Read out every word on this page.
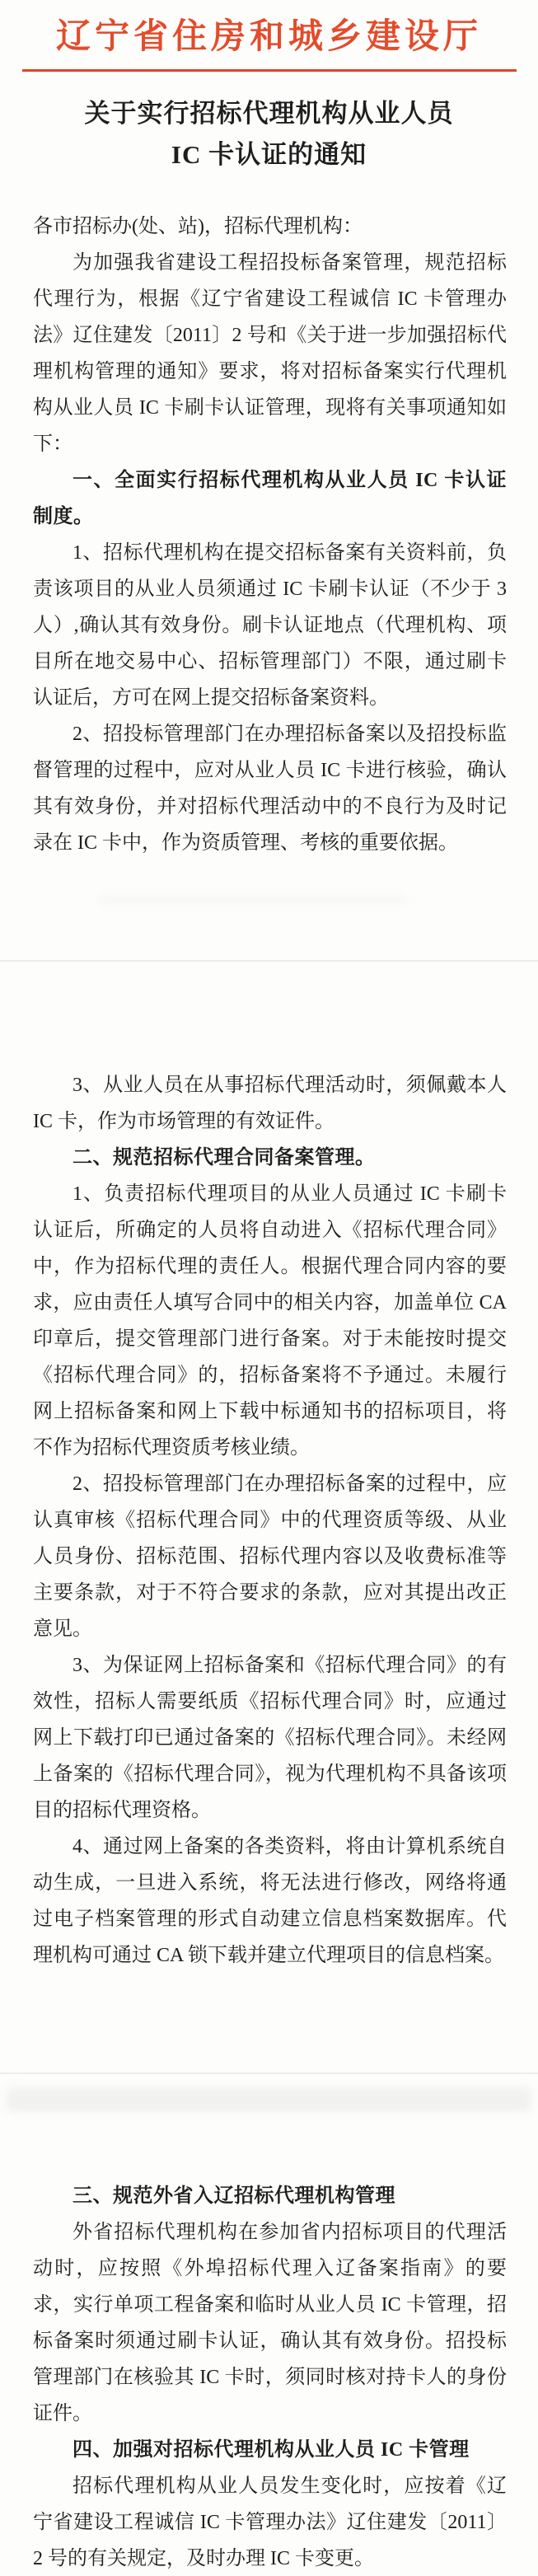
辽宁省住房和城乡建设厅
关于实行招标代理机构从业人员
IC 卡认证的通知

各市招标办(处、站)，招标代理机构：

为加强我省建设工程招投标备案管理，规范招标代理行为，根据《辽宁省建设工程诚信 IC 卡管理办法》辽住建发〔2011〕2 号和《关于进一步加强招标代理机构管理的通知》要求，将对招标备案实行代理机构从业人员 IC 卡刷卡认证管理，现将有关事项通知如下：

一、全面实行招标代理机构从业人员 IC 卡认证制度。

1、招标代理机构在提交招标备案有关资料前，负责该项目的从业人员须通过 IC 卡刷卡认证（不少于 3 人）,确认其有效身份。刷卡认证地点（代理机构、项目所在地交易中心、招标管理部门）不限，通过刷卡认证后，方可在网上提交招标备案资料。

2、招投标管理部门在办理招标备案以及招投标监督管理的过程中，应对从业人员 IC 卡进行核验，确认其有效身份，并对招标代理活动中的不良行为及时记录在 IC 卡中，作为资质管理、考核的重要依据。

3、从业人员在从事招标代理活动时，须佩戴本人 IC 卡，作为市场管理的有效证件。

二、规范招标代理合同备案管理。

1、负责招标代理项目的从业人员通过 IC 卡刷卡认证后，所确定的人员将自动进入《招标代理合同》中，作为招标代理的责任人。根据代理合同内容的要求，应由责任人填写合同中的相关内容，加盖单位 CA 印章后，提交管理部门进行备案。对于未能按时提交《招标代理合同》的，招标备案将不予通过。未履行网上招标备案和网上下载中标通知书的招标项目，将不作为招标代理资质考核业绩。

2、招投标管理部门在办理招标备案的过程中，应认真审核《招标代理合同》中的代理资质等级、从业人员身份、招标范围、招标代理内容以及收费标准等主要条款，对于不符合要求的条款，应对其提出改正意见。

3、为保证网上招标备案和《招标代理合同》的有效性，招标人需要纸质《招标代理合同》时，应通过网上下载打印已通过备案的《招标代理合同》。未经网上备案的《招标代理合同》，视为代理机构不具备该项目的招标代理资格。

4、通过网上备案的各类资料，将由计算机系统自动生成，一旦进入系统，将无法进行修改，网络将通过电子档案管理的形式自动建立信息档案数据库。代理机构可通过 CA 锁下载并建立代理项目的信息档案。

三、规范外省入辽招标代理机构管理

外省招标代理机构在参加省内招标项目的代理活动时，应按照《外埠招标代理入辽备案指南》的要求，实行单项工程备案和临时从业人员 IC 卡管理，招标备案时须通过刷卡认证，确认其有效身份。招投标管理部门在核验其 IC 卡时，须同时核对持卡人的身份证件。

四、加强对招标代理机构从业人员 IC 卡管理

招标代理机构从业人员发生变化时，应按着《辽宁省建设工程诚信 IC 卡管理办法》辽住建发〔2011〕2 号的有关规定，及时办理 IC 卡变更。
